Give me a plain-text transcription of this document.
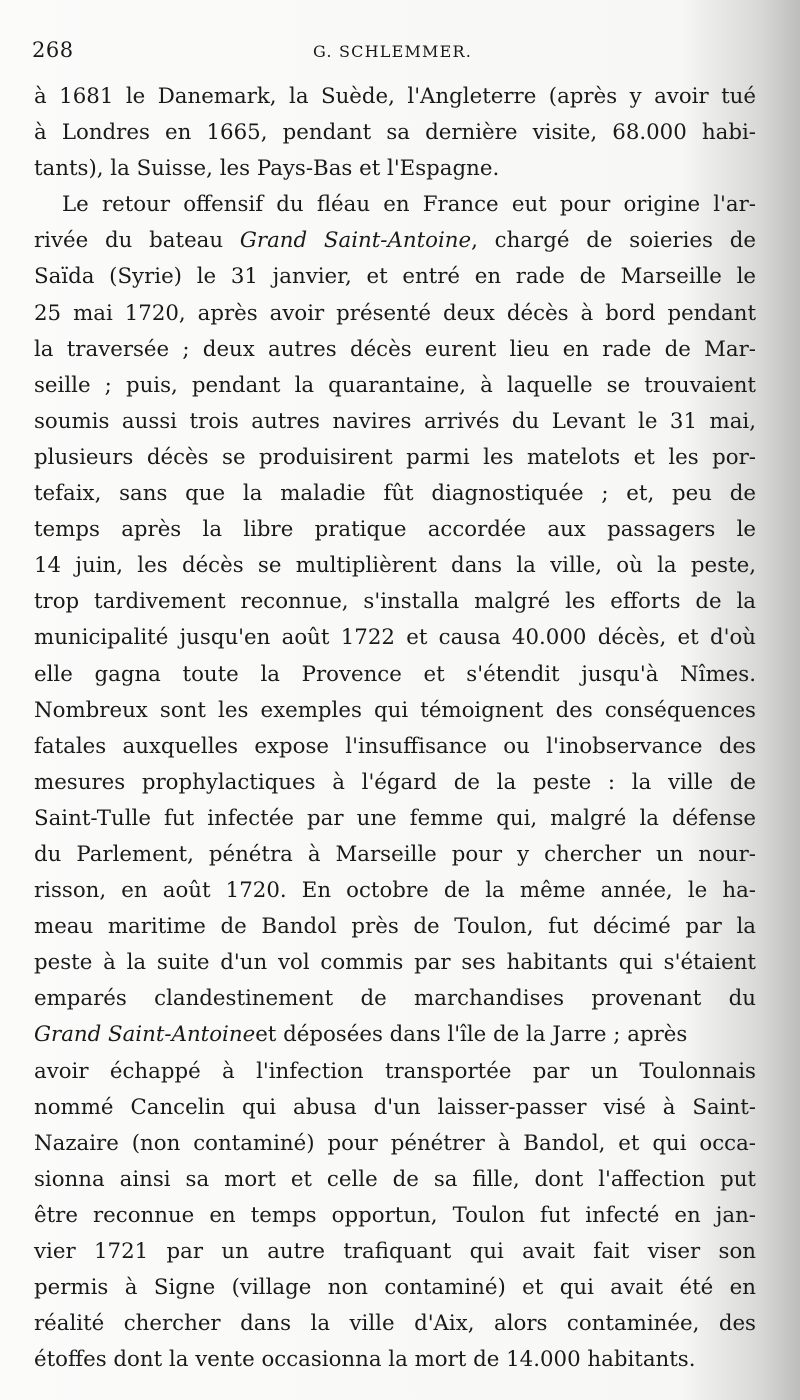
268	G. SCHLEMMER.
à 1681 le Danemark, la Suède, l'Angleterre (après y avoir tué
à Londres en 1665, pendant sa dernière visite, 68.000 habi-
tants), la Suisse, les Pays-Bas et l'Espagne.
Le retour offensif du fléau en France eut pour origine l'ar-
rivée du bateau Grand Saint-Antoine, chargé de soieries de
Saïda (Syrie) le 31 janvier, et entré en rade de Marseille le
25 mai 1720, après avoir présenté deux décès à bord pendant
la traversée ; deux autres décès eurent lieu en rade de Mar-
seille ; puis, pendant la quarantaine, à laquelle se trouvaient
soumis aussi trois autres navires arrivés du Levant le 31 mai,
plusieurs décès se produisirent parmi les matelots et les por-
tefaix, sans que la maladie fût diagnostiquée ; et, peu de
temps après la libre pratique accordée aux passagers le
14 juin, les décès se multiplièrent dans la ville, où la peste,
trop tardivement reconnue, s'installa malgré les efforts de la
municipalité jusqu'en août 1722 et causa 40.000 décès, et d'où
elle gagna toute la Provence et s'étendit jusqu'à Nîmes.
Nombreux sont les exemples qui témoignent des conséquences
fatales auxquelles expose l'insuffisance ou l'inobservance des
mesures prophylactiques à l'égard de la peste : la ville de
Saint-Tulle fut infectée par une femme qui, malgré la défense
du Parlement, pénétra à Marseille pour y chercher un nour-
risson, en août 1720. En octobre de la même année, le ha-
meau maritime de Bandol près de Toulon, fut décimé par la
peste à la suite d'un vol commis par ses habitants qui s'étaient
emparés clandestinement de marchandises provenant du
Grand Saint-Antoineet déposées dans l'île de la Jarre ; après
avoir échappé à l'infection transportée par un Toulonnais
nommé Cancelin qui abusa d'un laisser-passer visé à Saint-
Nazaire (non contaminé) pour pénétrer à Bandol, et qui occa-
sionna ainsi sa mort et celle de sa fille, dont l'affection put
être reconnue en temps opportun, Toulon fut infecté en jan-
vier 1721 par un autre trafiquant qui avait fait viser son
permis à Signe (village non contaminé) et qui avait été en
réalité chercher dans la ville d'Aix, alors contaminée, des
étoffes dont la vente occasionna la mort de 14.000 habitants.
